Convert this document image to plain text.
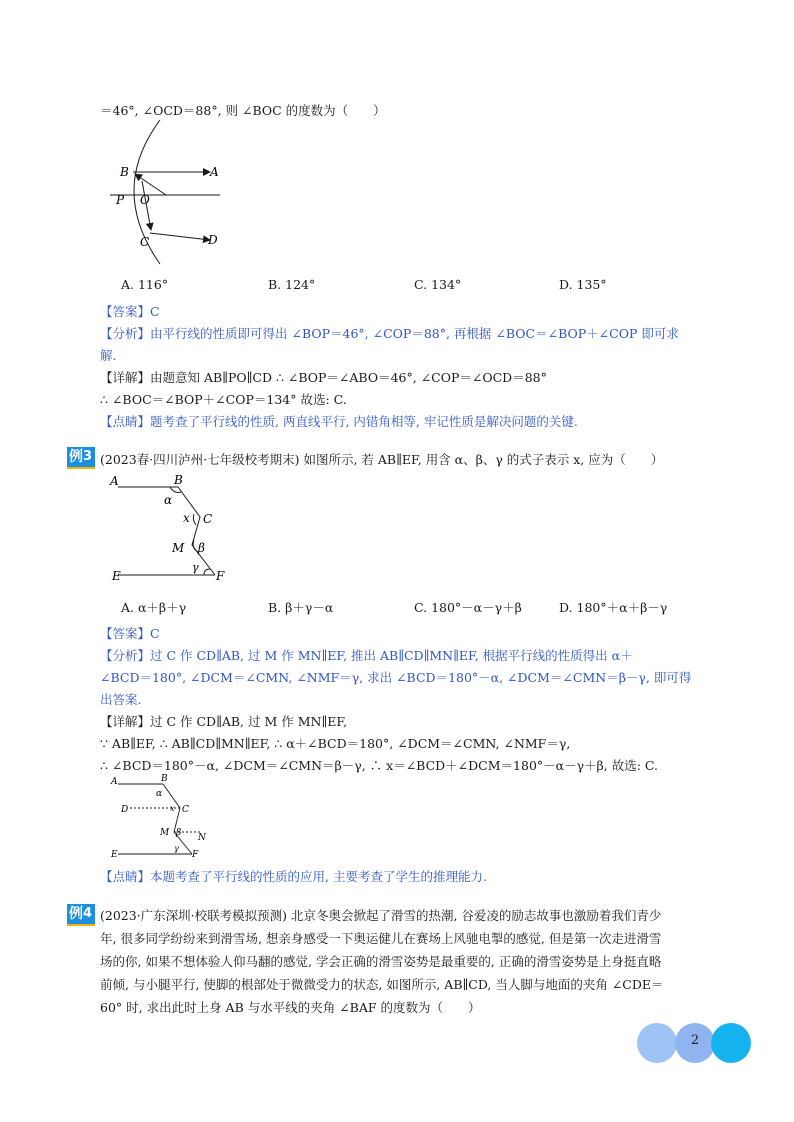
＝46°, ∠OCD＝88°, 则 ∠BOC 的度数为（　　）
B	A
P O
C	D
A. 116°	B. 124°	C. 134°	D. 135°
【答案】C
【分析】由平行线的性质即可得出 ∠BOP＝46°, ∠COP＝88°, 再根据 ∠BOC＝∠BOP＋∠COP 即可求
解.
【详解】由题意知 AB∥PO∥CD ∴ ∠BOP＝∠ABO＝46°, ∠COP＝∠OCD＝88°
∴ ∠BOC＝∠BOP＋∠COP＝134° 故选: C.
【点睛】题考查了平行线的性质, 两直线平行, 内错角相等, 牢记性质是解决问题的关键.
例 3 (2023春·四川泸州·七年级校考期末) 如图所示, 若 AB∥EF, 用含 α、β、γ 的式子表示 x, 应为（　　）
A	B
α
x C
M β
γ
E	F
A. α＋β＋γ	B. β＋γ－α	C. 180°－α－γ＋β	D. 180°＋α＋β－γ
【答案】C
【分析】过 C 作 CD∥AB, 过 M 作 MN∥EF, 推出 AB∥CD∥MN∥EF, 根据平行线的性质得出 α＋
∠BCD＝180°, ∠DCM＝∠CMN, ∠NMF＝γ, 求出 ∠BCD＝180°－α, ∠DCM＝∠CMN＝β－γ, 即可得
出答案.
【详解】过 C 作 CD∥AB, 过 M 作 MN∥EF,
∵ AB∥EF, ∴ AB∥CD∥MN∥EF, ∴ α＋∠BCD＝180°, ∠DCM＝∠CMN, ∠NMF＝γ,
∴ ∠BCD＝180°－α, ∠DCM＝∠CMN＝β－γ, ∴ x＝∠BCD＋∠DCM＝180°－α－γ＋β, 故选: C.
A	B
α
D	x C
M β N
E
γ
F
【点睛】本题考查了平行线的性质的应用, 主要考查了学生的推理能力.
例 4 (2023·广东深圳·校联考模拟预测) 北京冬奥会掀起了滑雪的热潮, 谷爱凌的励志故事也激励着我们青少
年, 很多同学纷纷来到滑雪场, 想亲身感受一下奥运健儿在赛场上风驰电掣的感觉, 但是第一次走进滑雪
场的你, 如果不想体验人仰马翻的感觉, 学会正确的滑雪姿势是最重要的, 正确的滑雪姿势是上身挺直略
前倾, 与小腿平行, 使脚的根部处于微微受力的状态, 如图所示, AB∥CD, 当人脚与地面的夹角 ∠CDE＝
60° 时, 求出此时上身 AB 与水平线的夹角 ∠BAF 的度数为（　　）
2
